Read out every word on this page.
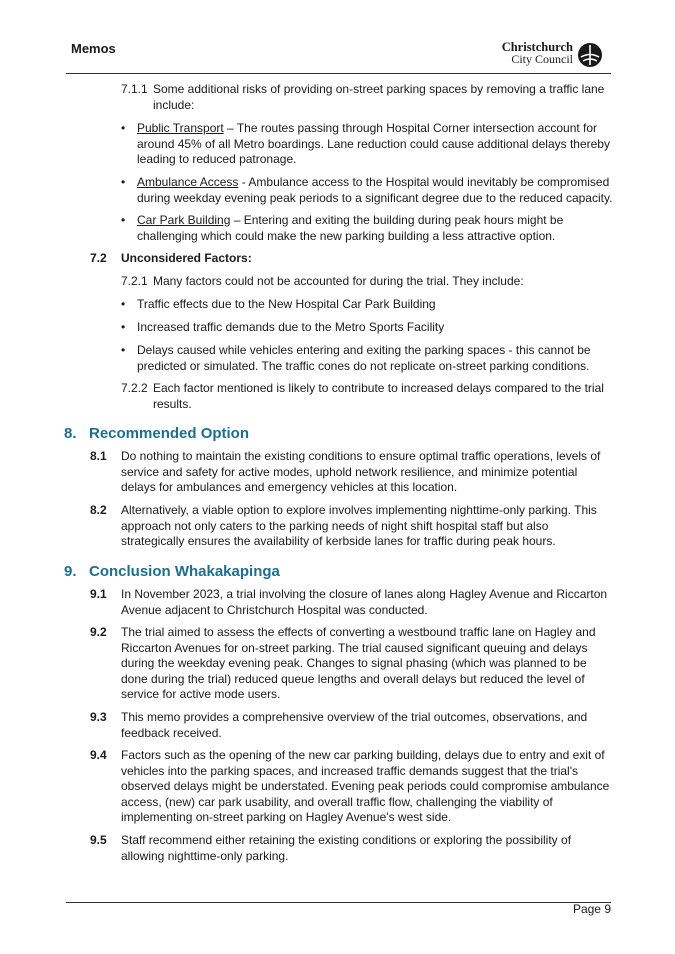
Memos	Christchurch
City Council
7.1.1 Some additional risks of providing on-street parking spaces by removing a traffic lane include:
• Public Transport – The routes passing through Hospital Corner intersection account for around 45% of all Metro boardings. Lane reduction could cause additional delays thereby leading to reduced patronage.
• Ambulance Access - Ambulance access to the Hospital would inevitably be compromised during weekday evening peak periods to a significant degree due to the reduced capacity.
• Car Park Building – Entering and exiting the building during peak hours might be challenging which could make the new parking building a less attractive option.
7.2 Unconsidered Factors:
7.2.1 Many factors could not be accounted for during the trial. They include:
• Traffic effects due to the New Hospital Car Park Building
• Increased traffic demands due to the Metro Sports Facility
• Delays caused while vehicles entering and exiting the parking spaces - this cannot be predicted or simulated. The traffic cones do not replicate on-street parking conditions.
7.2.2 Each factor mentioned is likely to contribute to increased delays compared to the trial results.
8. Recommended Option
8.1 Do nothing to maintain the existing conditions to ensure optimal traffic operations, levels of service and safety for active modes, uphold network resilience, and minimize potential delays for ambulances and emergency vehicles at this location.
8.2 Alternatively, a viable option to explore involves implementing nighttime-only parking. This approach not only caters to the parking needs of night shift hospital staff but also strategically ensures the availability of kerbside lanes for traffic during peak hours.
9. Conclusion Whakakapinga
9.1 In November 2023, a trial involving the closure of lanes along Hagley Avenue and Riccarton Avenue adjacent to Christchurch Hospital was conducted.
9.2 The trial aimed to assess the effects of converting a westbound traffic lane on Hagley and Riccarton Avenues for on-street parking. The trial caused significant queuing and delays during the weekday evening peak. Changes to signal phasing (which was planned to be done during the trial) reduced queue lengths and overall delays but reduced the level of service for active mode users.
9.3 This memo provides a comprehensive overview of the trial outcomes, observations, and feedback received.
9.4 Factors such as the opening of the new car parking building, delays due to entry and exit of vehicles into the parking spaces, and increased traffic demands suggest that the trial's observed delays might be understated. Evening peak periods could compromise ambulance access, (new) car park usability, and overall traffic flow, challenging the viability of implementing on-street parking on Hagley Avenue's west side.
9.5 Staff recommend either retaining the existing conditions or exploring the possibility of allowing nighttime-only parking.
Page 9
